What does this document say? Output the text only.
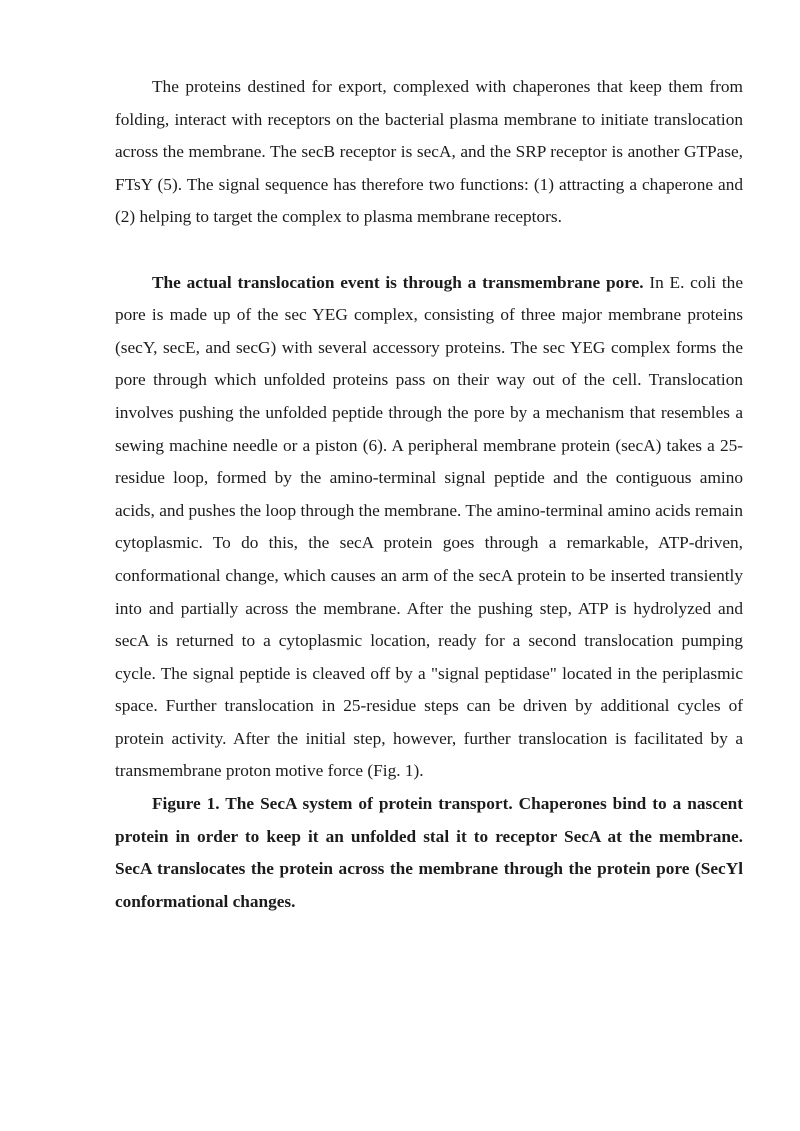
The proteins destined for export, complexed with chaperones that keep them from folding, interact with receptors on the bacterial plasma membrane to initiate translocation across the membrane. The secB receptor is secA, and the SRP receptor is another GTPase, FTsY (5). The signal sequence has therefore two functions: (1) attracting a chaperone and (2) helping to target the complex to plasma membrane receptors.

The actual translocation event is through a transmembrane pore. In E. coli the pore is made up of the sec YEG complex, consisting of three major membrane proteins (secY, secE, and secG) with several accessory proteins. The sec YEG complex forms the pore through which unfolded proteins pass on their way out of the cell. Translocation involves pushing the unfolded peptide through the pore by a mechanism that resembles a sewing machine needle or a piston (6). A peripheral membrane protein (secA) takes a 25-residue loop, formed by the amino-terminal signal peptide and the contiguous amino acids, and pushes the loop through the membrane. The amino-terminal amino acids remain cytoplasmic. To do this, the secA protein goes through a remarkable, ATP-driven, conformational change, which causes an arm of the secA protein to be inserted transiently into and partially across the membrane. After the pushing step, ATP is hydrolyzed and secA is returned to a cytoplasmic location, ready for a second translocation pumping cycle. The signal peptide is cleaved off by a "signal peptidase" located in the periplasmic space. Further translocation in 25-residue steps can be driven by additional cycles of protein activity. After the initial step, however, further translocation is facilitated by a transmembrane proton motive force (Fig. 1).

Figure 1. The SecA system of protein transport. Chaperones bind to a nascent protein in order to keep it an unfolded stal it to receptor SecA at the membrane. SecA translocates the protein across the membrane through the protein pore (SecYl conformational changes.
